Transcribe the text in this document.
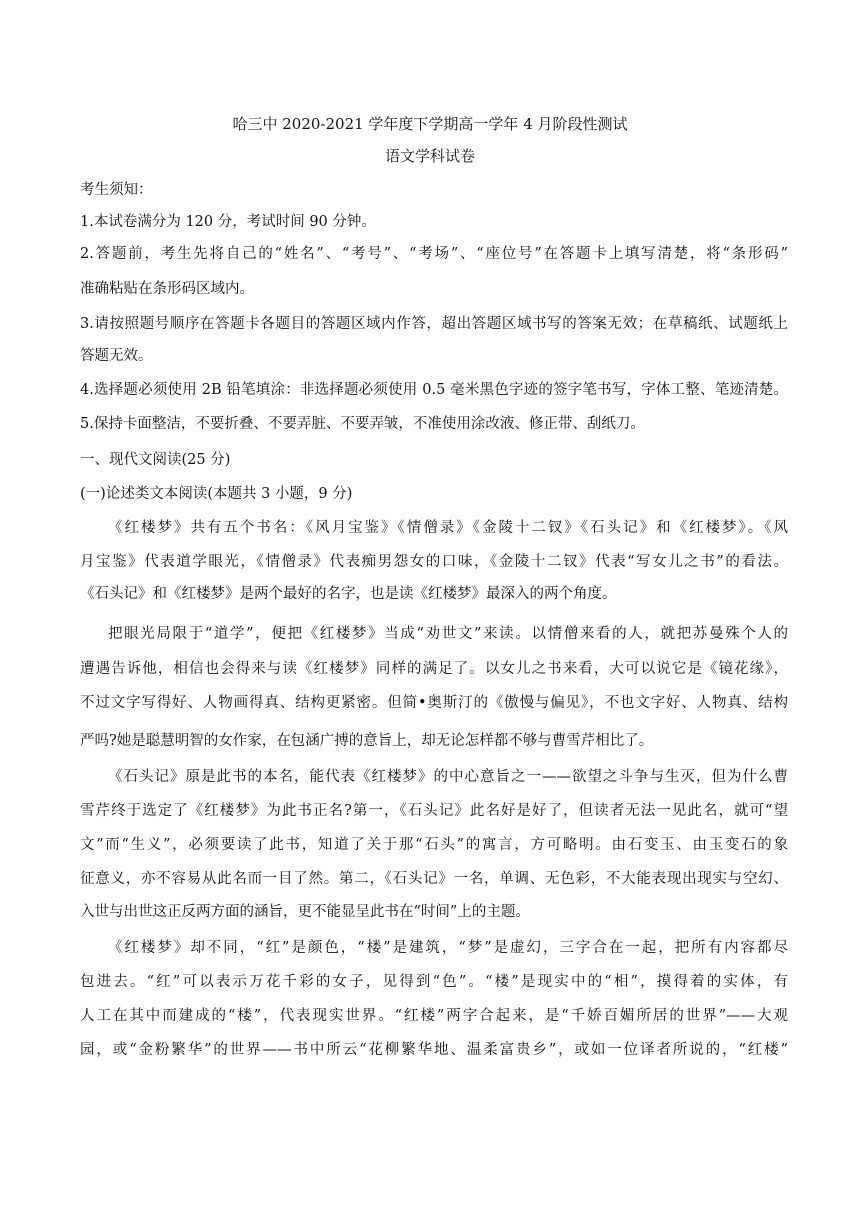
哈三中 2020-2021 学年度下学期高一学年 4 月阶段性测试
语文学科试卷
考生须知：
1.本试卷满分为 120 分，考试时间 90 分钟。
2.答题前，考生先将自己的“姓名”、“考号”、“考场”、“座位号”在答题卡上填写清楚，将“条形码”
准确粘贴在条形码区域内。
3.请按照题号顺序在答题卡各题目的答题区域内作答，超出答题区域书写的答案无效；在草稿纸、试题纸上
答题无效。
4.选择题必须使用 2B 铅笔填涂：非选择题必须使用 0.5 毫米黑色字迹的签字笔书写，字体工整、笔迹清楚。
5.保持卡面整洁，不要折叠、不要弄脏、不要弄皱，不准使用涂改液、修正带、刮纸刀。
一、现代文阅读(25 分)
(一)论述类文本阅读(本题共 3 小题，9 分)
《红楼梦》共有五个书名：《风月宝鉴》《情僧录》《金陵十二钗》《石头记》和《红楼梦》。《风
月宝鉴》代表道学眼光，《情僧录》代表痴男怨女的口味，《金陵十二钗》代表“写女儿之书”的看法。
《石头记》和《红楼梦》是两个最好的名字，也是读《红楼梦》最深入的两个角度。
把眼光局限于“道学”，便把《红楼梦》当成“劝世文”来读。以情僧来看的人，就把苏曼殊个人的
遭遇告诉他，相信也会得来与读《红楼梦》同样的满足了。以女儿之书来看，大可以说它是《镜花缘》，
不过文字写得好、人物画得真、结构更紧密。但简•奥斯汀的《傲慢与偏见》，不也文字好、人物真、结构
严吗?她是聪慧明智的女作家，在包涵广搏的意旨上，却无论怎样都不够与曹雪芹相比了。
《石头记》原是此书的本名，能代表《红楼梦》的中心意旨之一——欲望之斗争与生灭，但为什么曹
雪芹终于选定了《红楼梦》为此书正名?第一，《石头记》此名好是好了，但读者无法一见此名，就可“望
文”而“生义”，必须要读了此书，知道了关于那“石头”的寓言，方可略明。由石变玉、由玉变石的象
征意义，亦不容易从此名而一目了然。第二，《石头记》一名，单调、无色彩，不大能表现出现实与空幻、
入世与出世这正反两方面的涵旨，更不能显呈此书在“时间”上的主题。
《红楼梦》却不同，“红”是颜色，“楼”是建筑，“梦”是虚幻，三字合在一起，把所有内容都尽
包进去。“红”可以表示万花千彩的女子，见得到“色”。“楼”是现实中的“相”，摸得着的实体，有
人工在其中而建成的“楼”，代表现实世界。“红楼”两字合起来，是“千娇百媚所居的世界”——大观
园，或“金粉繁华”的世界——书中所云“花柳繁华地、温柔富贵乡”，或如一位译者所说的，“红楼”
